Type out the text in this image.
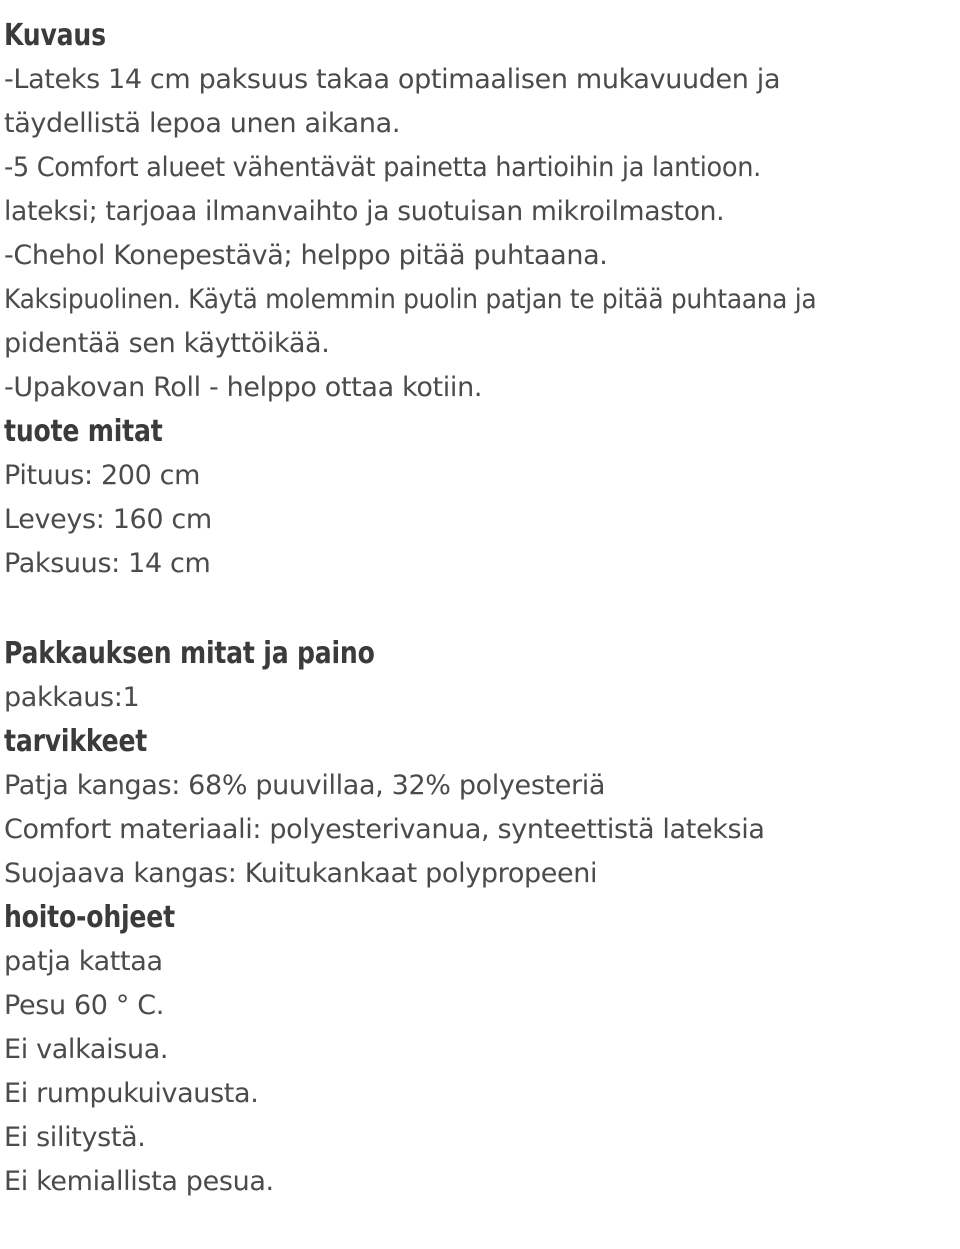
Kuvaus

-Lateks 14 cm paksuus takaa optimaalisen mukavuuden ja

täydellistä lepoa unen aikana.

-5 Comfort alueet vähentävät painetta hartioihin ja lantioon.

lateksi; tarjoaa ilmanvaihto ja suotuisan mikroilmaston.

-Chehol Konepestävä; helppo pitää puhtaana.

Kaksipuolinen. Käytä molemmin puolin patjan te pitää puhtaana ja

pidentää sen käyttöikää.

-Upakovan Roll - helppo ottaa kotiin.

tuote mitat

Pituus: 200 cm

Leveys: 160 cm

Paksuus: 14 cm

Pakkauksen mitat ja paino

pakkaus:1

tarvikkeet

Patja kangas: 68% puuvillaa, 32% polyesteriä

Comfort materiaali: polyesterivanua, synteettistä lateksia

Suojaava kangas: Kuitukankaat polypropeeni

hoito-ohjeet

patja kattaa

Pesu 60 ° C.

Ei valkaisua.

Ei rumpukuivausta.

Ei silitystä.

Ei kemiallista pesua.
